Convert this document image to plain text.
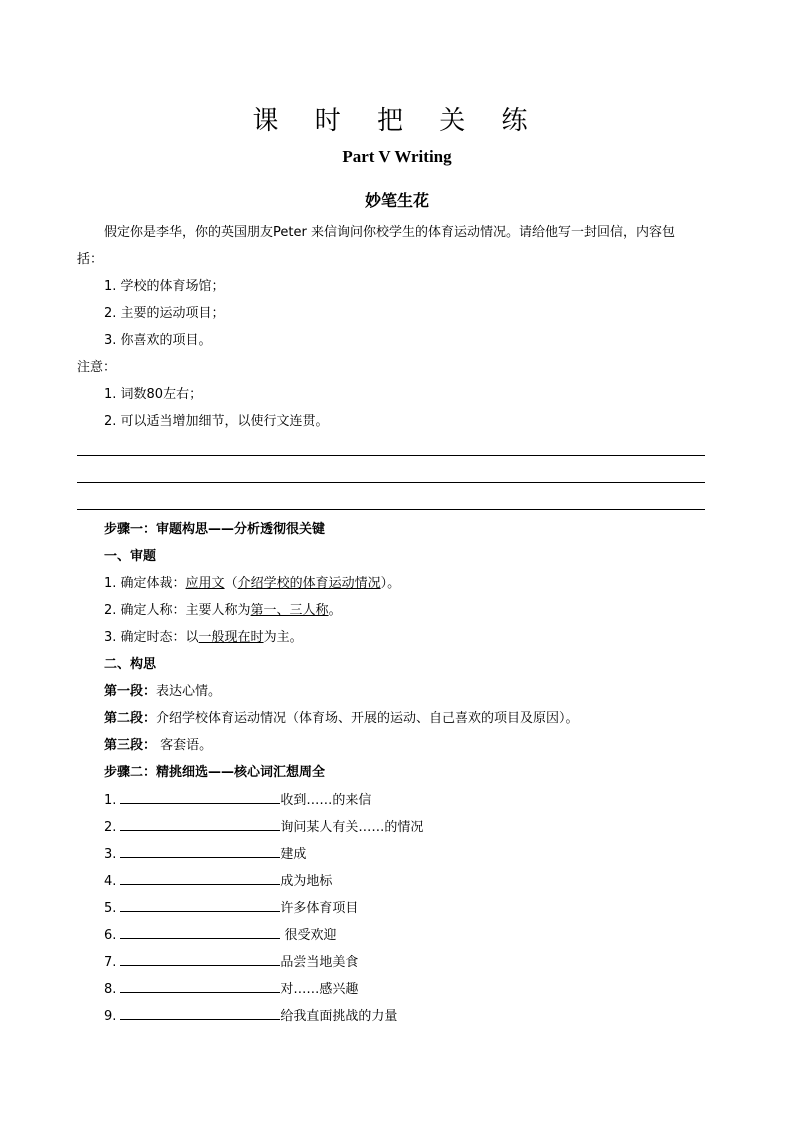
课 时 把 关 练
Part V Writing
妙笔生花
假定你是李华，你的英国朋友Peter 来信询问你校学生的体育运动情况。请给他写一封回信，内容包
括：
1. 学校的体育场馆；
2. 主要的运动项目；
3. 你喜欢的项目。
注意：
1. 词数80左右；
2. 可以适当增加细节，以使行文连贯。
步骤一：审题构思——分析透彻很关键
一、审题
1. 确定体裁：应用文（介绍学校的体育运动情况）。
2. 确定人称：主要人称为第一、三人称。
3. 确定时态：以一般现在时为主。
二、构思
第一段：表达心情。
第二段：介绍学校体育运动情况（体育场、开展的运动、自己喜欢的项目及原因）。
第三段： 客套语。
步骤二：精挑细选——核心词汇想周全
1.	收到……的来信
2.	询问某人有关……的情况
3.	建成
4.	成为地标
5.	许多体育项目
6.	很受欢迎
7.	品尝当地美食
8.	对……感兴趣
9.	给我直面挑战的力量
